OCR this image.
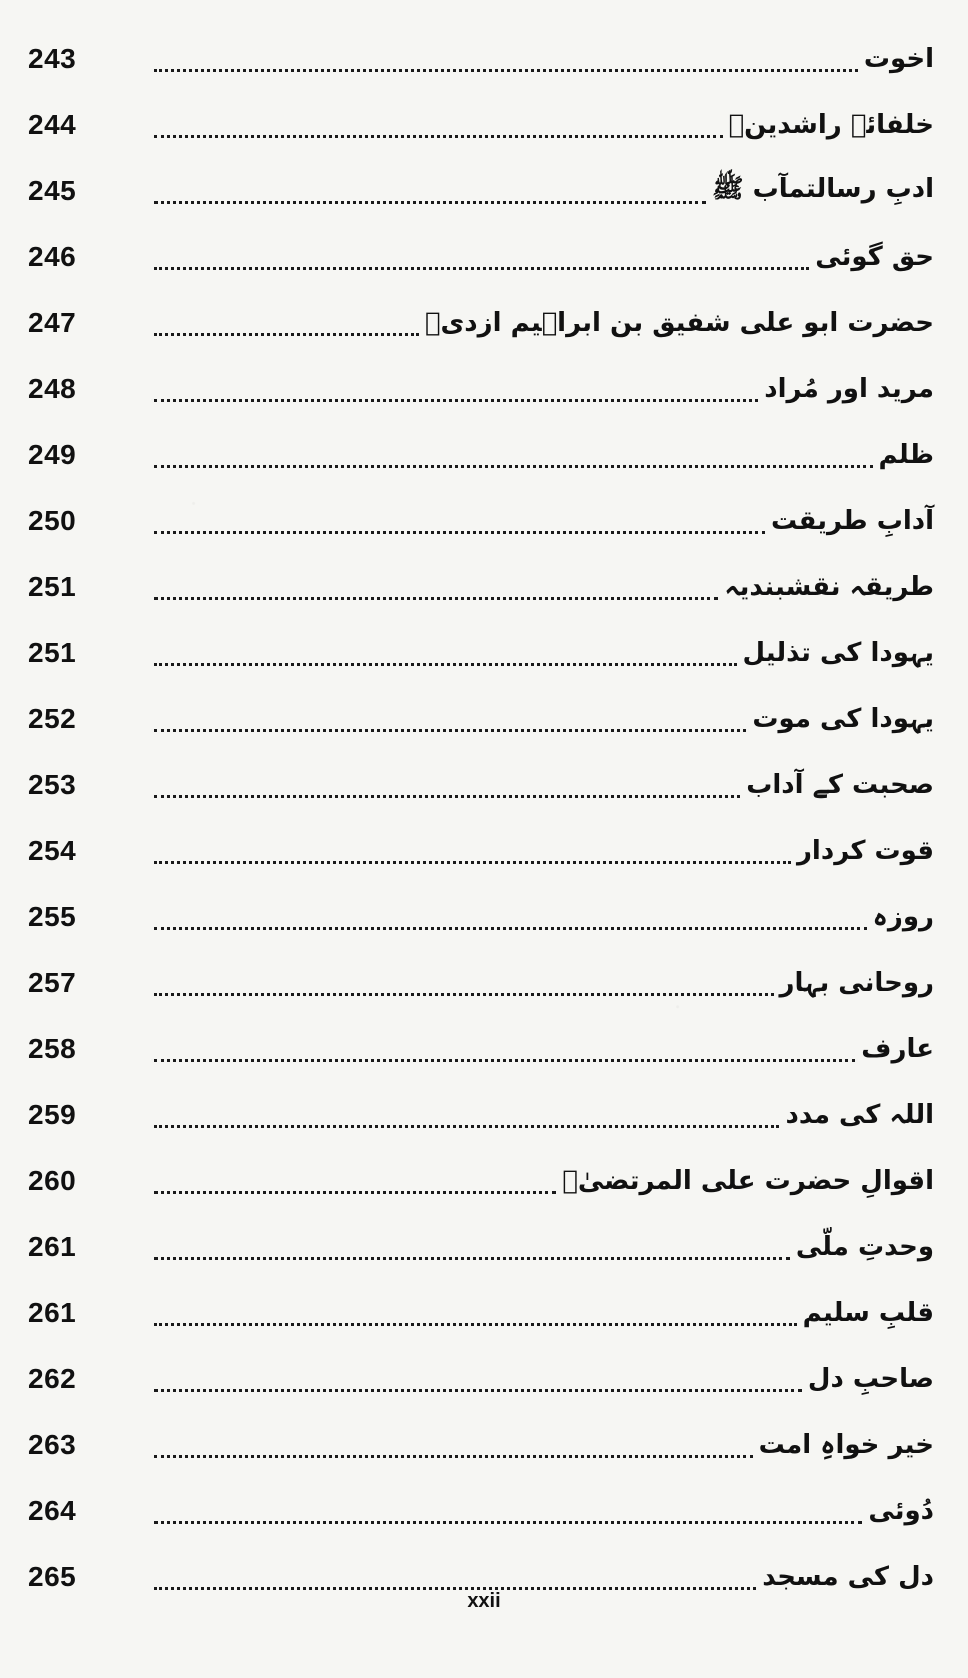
243	اخوت
244	خلفائے راشدینؓ
245	ادبِ رسالتمآب ﷺ
246	حق گوئی
247	حضرت ابو علی شفیق بن ابراہیم ازدیؒ
248	مرید اور مُراد
249	ظلم
250	آدابِ طریقت
251	طریقہ نقشبندیہ
251	یہودا کی تذلیل
252	یہودا کی موت
253	صحبت کے آداب
254	قوت کردار
255	روزہ
257	روحانی بہار
258	عارف
259	اللہ کی مدد
260	اقوالِ حضرت علی المرتضیٰؓ
261	وحدتِ ملّی
261	قلبِ سلیم
262	صاحبِ دل
263	خیر خواہِ امت
264	دُوئی
265	دل کی مسجد
xxii
